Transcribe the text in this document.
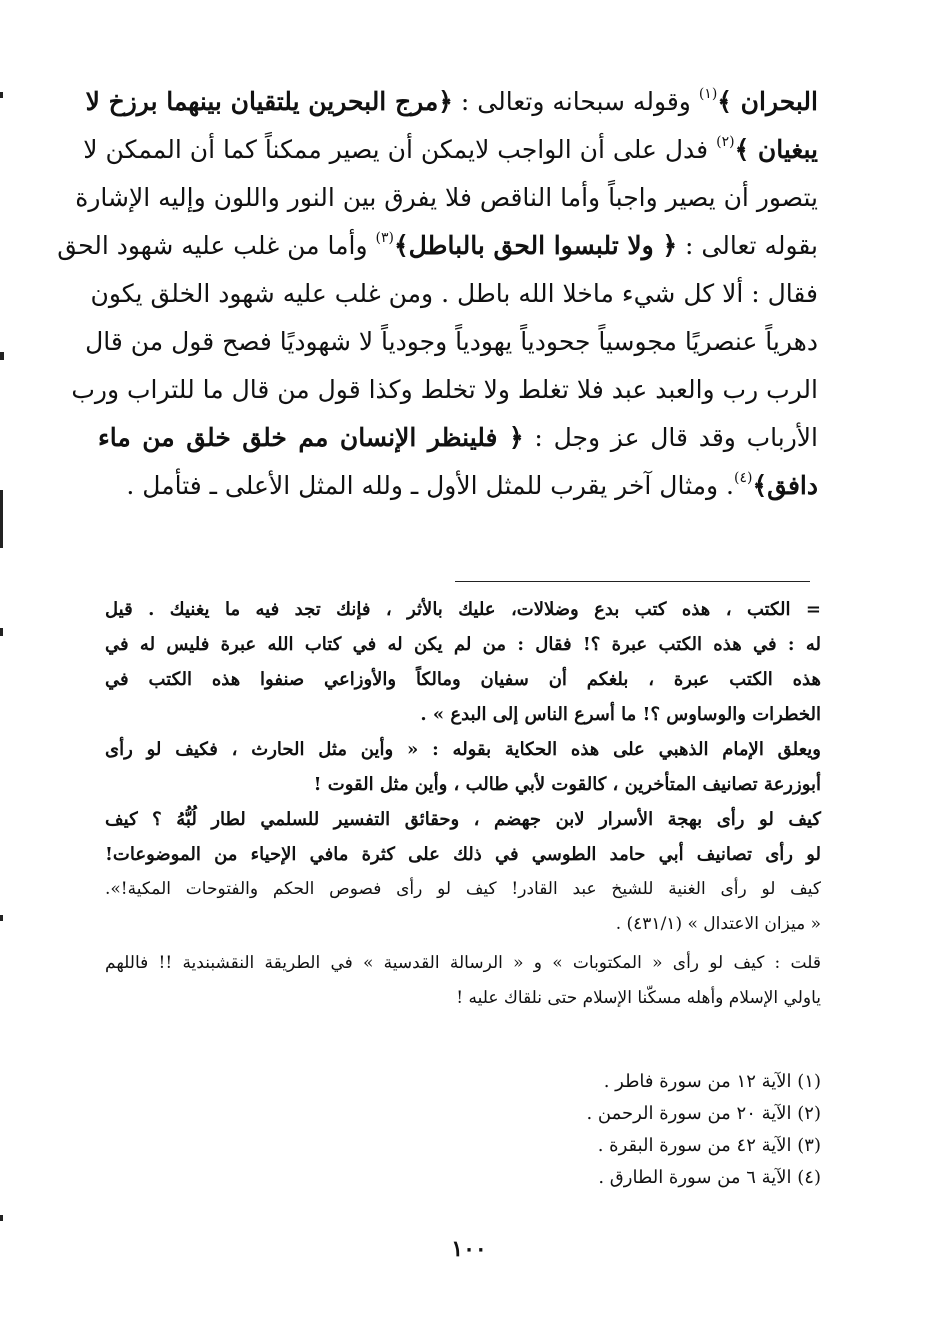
البحران ﴾$^{(١)}$ وقوله سبحانه وتعالى : ﴿مرج البحرين يلتقيان بينهما برزخ لا
يبغيان ﴾$^{(٢)}$ فدل على أن الواجب لايمكن أن يصير ممكناً كما أن الممكن لا
يتصور أن يصير واجباً وأما الناقص فلا يفرق بين النور واللون وإليه الإشارة
بقوله تعالى : ﴿ ولا تلبسوا الحق بالباطل﴾$^{(٣)}$ وأما من غلب عليه شهود الحق
فقال : ألا كل شيء ماخلا الله باطل . ومن غلب عليه شهود الخلق يكون
دهرياً عنصريًا مجوسياً جحودياً يهودياً وجودياً لا شهوديًا فصح قول من قال
الرب رب والعبد عبد فلا تغلط ولا تخلط وكذا قول من قال ما للتراب ورب
الأرباب وقد قال عز وجل : ﴿ فلينظر الإنسان مم خلق خلق من ماء
دافق﴾$^{(٤)}$. ومثال آخر يقرب للمثل الأول ـ ولله المثل الأعلى ـ فتأمل .
= الكتب ، هذه كتب بدع وضلالات، عليك بالأثر ، فإنك تجد فيه ما يغنيك . قيل
له : في هذه الكتب عبرة ؟! فقال : من لم يكن له في كتاب الله عبرة فليس له في
هذه الكتب عبرة ، بلغكم أن سفيان ومالكاً والأوزاعي صنفوا هذه الكتب في
الخطرات والوساوس ؟! ما أسرع الناس إلى البدع » .
ويعلق الإمام الذهبي على هذه الحكاية بقوله : « وأين مثل الحارث ، فكيف لو رأى
أبوزرعة تصانيف المتأخرين ، كالقوت لأبي طالب ، وأين مثل القوت !
كيف لو رأى بهجة الأسرار لابن جهضم ، وحقائق التفسير للسلمي لطار لُبُّهُ ؟ كيف
لو رأى تصانيف أبي حامد الطوسي في ذلك على كثرة مافي الإحياء من الموضوعات!
كيف لو رأى الغنية للشيخ عبد القادر! كيف لو رأى فصوص الحكم والفتوحات المكية!».
« ميزان الاعتدال » (٤٣١/١) .
قلت : كيف لو رأى « المكتوبات » و « الرسالة القدسية » في الطريقة النقشبندية !! فاللهم
ياولي الإسلام وأهله مسكّنا الإسلام حتى نلقاك عليه !
(١) الآية ١٢ من سورة فاطر .
(٢) الآية ٢٠ من سورة الرحمن .
(٣) الآية ٤٢ من سورة البقرة .
(٤) الآية ٦ من سورة الطارق .
١٠٠
